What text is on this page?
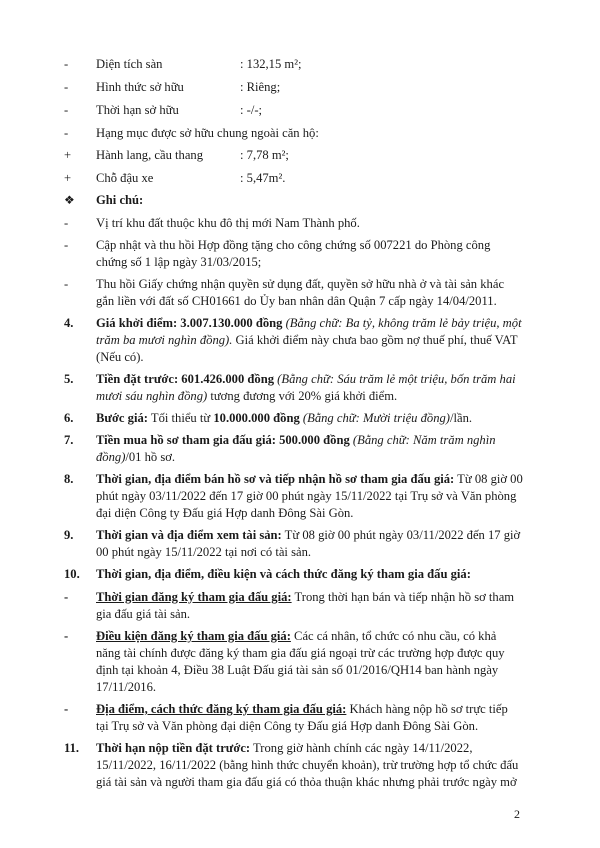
- Diện tích sàn	: 132,15 m²;
- Hình thức sở hữu	: Riêng;
- Thời hạn sở hữu	: -/-;
- Hạng mục được sở hữu chung ngoài căn hộ:
+ Hành lang, cầu thang	: 7,78 m²;
+ Chỗ đậu xe	: 5,47m².
❖ Ghi chú:
- Vị trí khu đất thuộc khu đô thị mới Nam Thành phố.
- Cập nhật và thu hồi Hợp đồng tặng cho công chứng số 007221 do Phòng công
chứng số 1 lập ngày 31/03/2015;
- Thu hồi Giấy chứng nhận quyền sử dụng đất, quyền sở hữu nhà ở và tài sản khác
gắn liền với đất số CH01661 do Ủy ban nhân dân Quận 7 cấp ngày 14/04/2011.
4. Giá khởi điểm: 3.007.130.000 đồng (Bằng chữ: Ba tỷ, không trăm lẻ bảy triệu, một
trăm ba mươi nghìn đồng). Giá khởi điểm này chưa bao gồm nợ thuế phí, thuế VAT
(Nếu có).
5. Tiền đặt trước: 601.426.000 đồng (Bằng chữ: Sáu trăm lẻ một triệu, bốn trăm hai
mươi sáu nghìn đồng) tương đương với 20% giá khởi điểm.
6. Bước giá: Tối thiểu từ 10.000.000 đồng (Bằng chữ: Mười triệu đồng)/lần.
7. Tiền mua hồ sơ tham gia đấu giá: 500.000 đồng (Bằng chữ: Năm trăm nghìn
đồng)/01 hồ sơ.
8. Thời gian, địa điểm bán hồ sơ và tiếp nhận hồ sơ tham gia đấu giá: Từ 08 giờ 00
phút ngày 03/11/2022 đến 17 giờ 00 phút ngày 15/11/2022 tại Trụ sở và Văn phòng
đại diện Công ty Đấu giá Hợp danh Đông Sài Gòn.
9. Thời gian và địa điểm xem tài sản: Từ 08 giờ 00 phút ngày 03/11/2022 đến 17 giờ
00 phút ngày 15/11/2022 tại nơi có tài sản.
10. Thời gian, địa điểm, điều kiện và cách thức đăng ký tham gia đấu giá:
- Thời gian đăng ký tham gia đấu giá: Trong thời hạn bán và tiếp nhận hồ sơ tham
gia đấu giá tài sản.
- Điều kiện đăng ký tham gia đấu giá: Các cá nhân, tổ chức có nhu cầu, có khả
năng tài chính được đăng ký tham gia đấu giá ngoại trừ các trường hợp được quy
định tại khoản 4, Điều 38 Luật Đấu giá tài sản số 01/2016/QH14 ban hành ngày
17/11/2016.
- Địa điểm, cách thức đăng ký tham gia đấu giá: Khách hàng nộp hồ sơ trực tiếp
tại Trụ sở và Văn phòng đại diện Công ty Đấu giá Hợp danh Đông Sài Gòn.
11. Thời hạn nộp tiền đặt trước: Trong giờ hành chính các ngày 14/11/2022,
15/11/2022, 16/11/2022 (bằng hình thức chuyển khoản), trừ trường hợp tổ chức đấu
giá tài sản và người tham gia đấu giá có thỏa thuận khác nhưng phải trước ngày mở
2
